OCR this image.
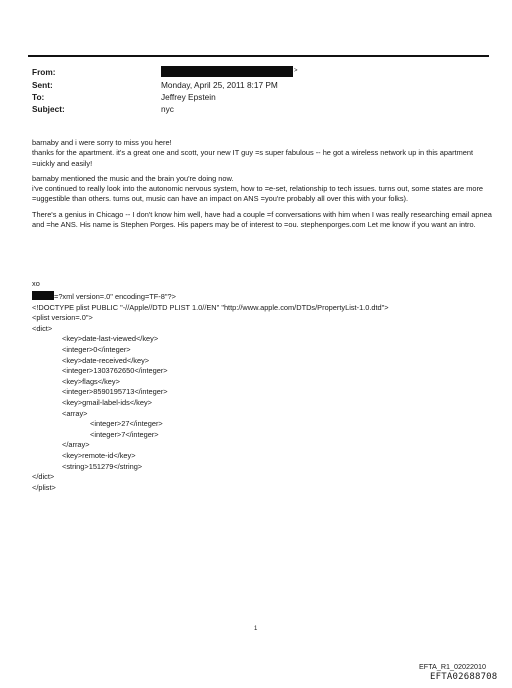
From:
Sent:
To:
Subject:
>
Monday, April 25, 2011 8:17 PM
Jeffrey Epstein
nyc

barnaby and i were sorry to miss you here!
thanks for the apartment. it's a great one and scott, your new IT guy =s super fabulous -- he got a wireless network up in this apartment =uickly and easily!

barnaby mentioned the music and the brain you're doing now.
i've continued to really look into the autonomic nervous system, how to =e-set, relationship to tech issues. turns out, some states are more =uggestible than others. turns out, music can have an impact on ANS =you're probably all over this with your folks).

There's a genius in Chicago -- I don't know him well, have had a couple =f conversations with him when I was really researching email apnea and =he ANS. His name is Stephen Porges. His papers may be of interest to =ou. stephenporges.com Let me know if you want an intro.

xo
=?xml version=.0" encoding=TF-8"?>
<!DOCTYPE plist PUBLIC "-//Apple//DTD PLIST 1.0//EN" "http://www.apple.com/DTDs/PropertyList-1.0.dtd">
<plist version=.0">
<dict>
<key>date-last-viewed</key>
<integer>0</integer>
<key>date-received</key>
<integer>1303762650</integer>
<key>flags</key>
<integer>8590195713</integer>
<key>gmail-label-ids</key>
<array>
<integer>27</integer>
<integer>7</integer>
</array>
<key>remote-id</key>
<string>151279</string>
</dict>
</plist>
1
EFTA_R1_02022010
EFTA02688708
